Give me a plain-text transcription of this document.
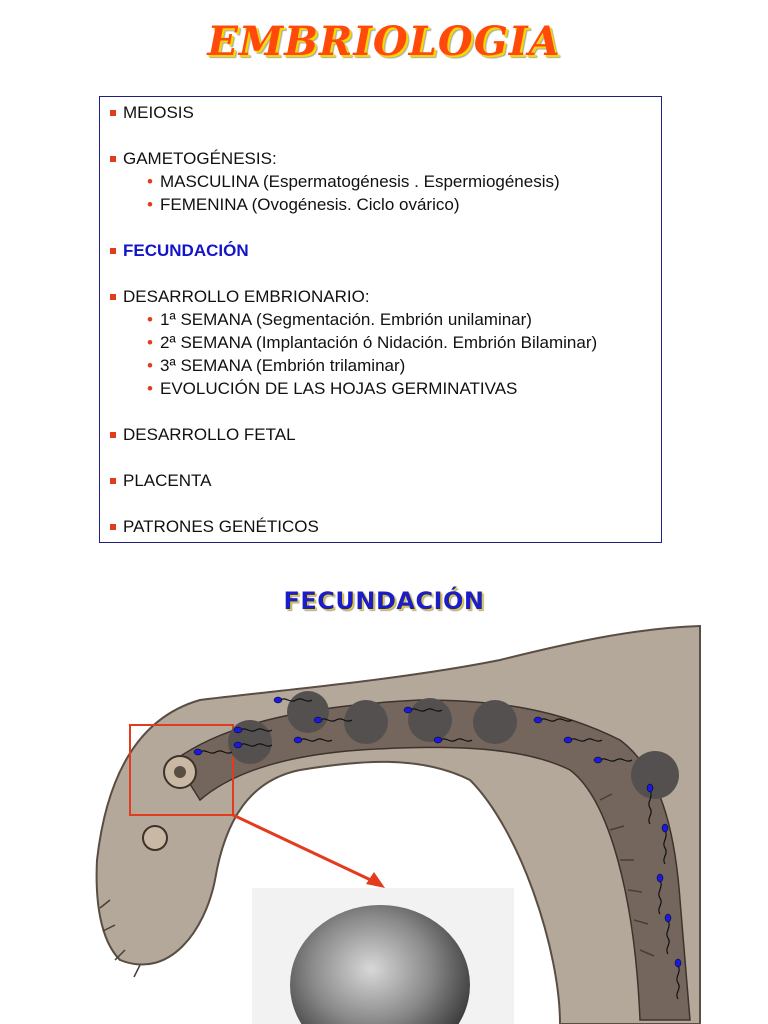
EMBRIOLOGIA
MEIOSIS
GAMETOGÉNESIS:
• MASCULINA (Espermatogénesis . Espermiogénesis)
• FEMENINA (Ovogénesis. Ciclo ovárico)
FECUNDACIÓN
DESARROLLO EMBRIONARIO:
• 1ª SEMANA (Segmentación. Embrión unilaminar)
• 2ª SEMANA (Implantación ó Nidación. Embrión Bilaminar)
• 3ª SEMANA (Embrión trilaminar)
• EVOLUCIÓN DE LAS HOJAS GERMINATIVAS
DESARROLLO FETAL
PLACENTA
PATRONES GENÉTICOS
FECUNDACIÓN
